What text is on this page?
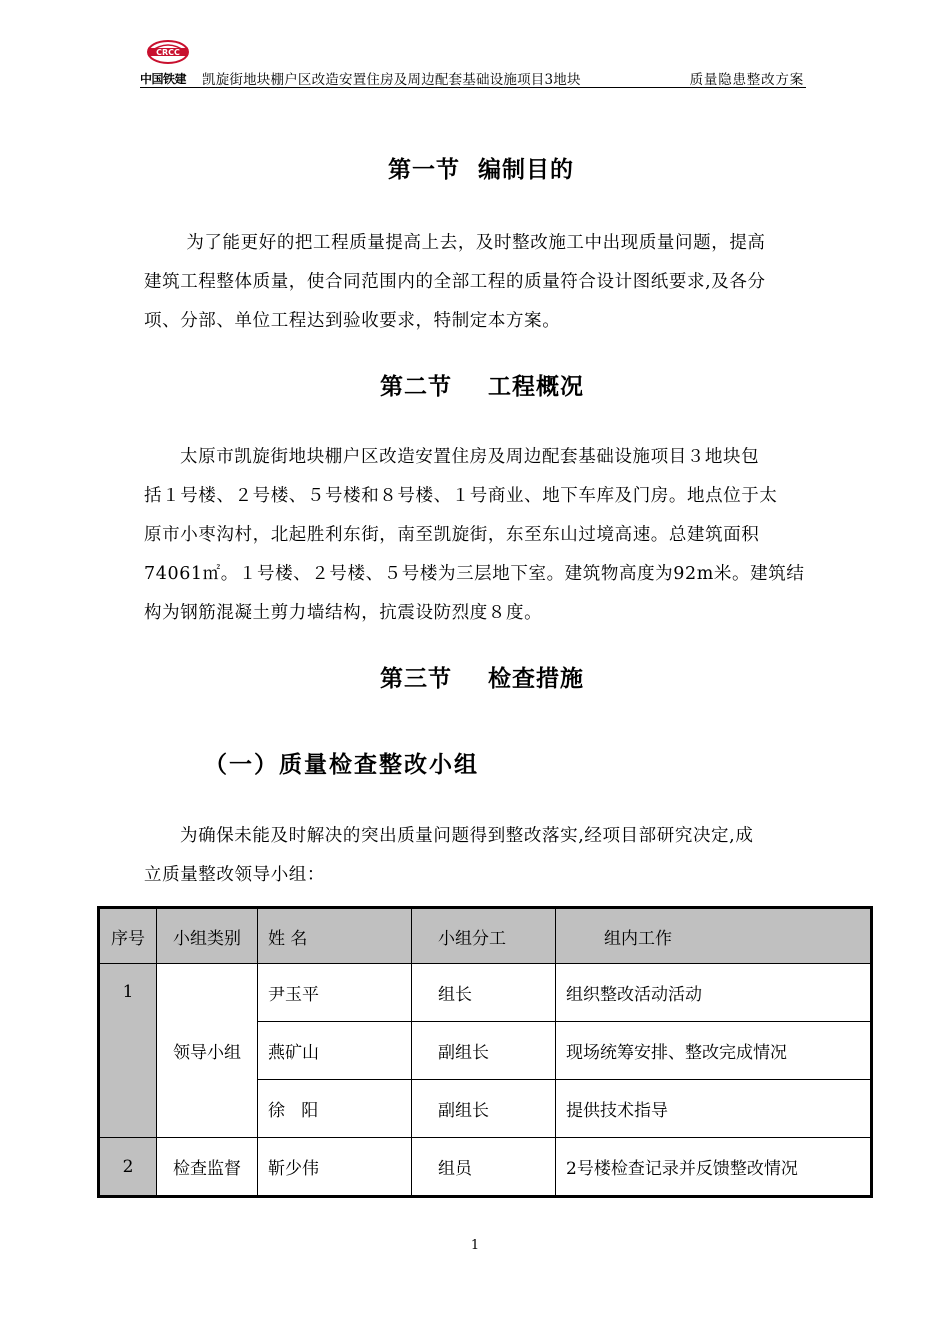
CRCC
中国铁建 凯旋街地块棚户区改造安置住房及周边配套基础设施项目3地块	质量隐患整改方案
第一节  编制目的
为了能更好的把工程质量提高上去，及时整改施工中出现质量问题，提高
建筑工程整体质量，使合同范围内的全部工程的质量符合设计图纸要求,及各分
项、分部、单位工程达到验收要求，特制定本方案。
第二节    工程概况
太原市凯旋街地块棚户区改造安置住房及周边配套基础设施项目３地块包
括１号楼、２号楼、５号楼和８号楼、１号商业、地下车库及门房。地点位于太
原市小枣沟村，北起胜利东街，南至凯旋街，东至东山过境高速。总建筑面积
74061㎡。１号楼、２号楼、５号楼为三层地下室。建筑物高度为92m米。建筑结
构为钢筋混凝土剪力墙结构，抗震设防烈度８度。
第三节    检查措施
（一）质量检查整改小组
为确保未能及时解决的突出质量问题得到整改落实,经项目部研究决定,成
立质量整改领导小组：
序号	小组类别	姓 名	小组分工	组内工作
1	领导小组	尹玉平	组长	组织整改活动活动
		燕矿山	副组长	现场统筹安排、整改完成情况
		徐   阳	副组长	提供技术指导
2	检查监督	靳少伟	组员	2号楼检查记录并反馈整改情况
1
